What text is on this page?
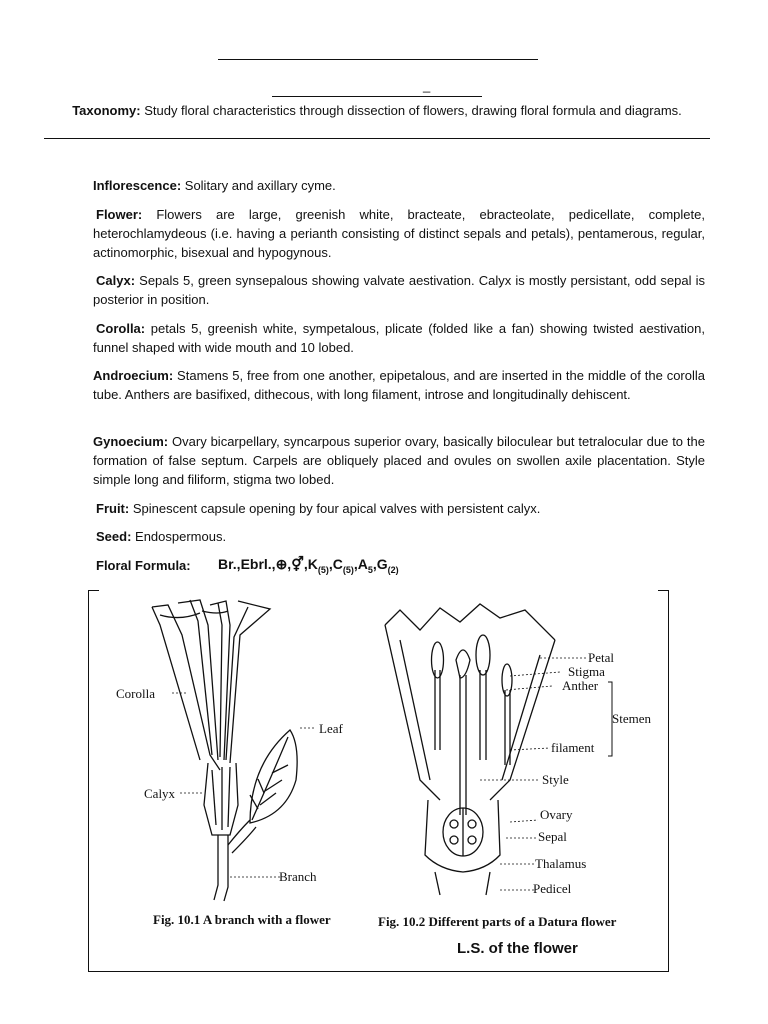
_
Taxonomy: Study floral characteristics through dissection of flowers, drawing floral formula and diagrams.
Inflorescence: Solitary and axillary cyme.
Flower: Flowers are large, greenish white, bracteate, ebracteolate, pedicellate, complete, heterochlamydeous (i.e. having a perianth consisting of distinct sepals and petals), pentamerous, regular, actinomorphic, bisexual and hypogynous.
Calyx: Sepals 5, green synsepalous showing valvate aestivation. Calyx is mostly persistant, odd sepal is posterior in position.
Corolla: petals 5, greenish white, sympetalous, plicate (folded like a fan) showing twisted aestivation, funnel shaped with wide mouth and 10 lobed.
Androecium: Stamens 5, free from one another, epipetalous, and are inserted in the middle of the corolla tube. Anthers are basifixed, dithecous, with long filament, introse and longitudinally dehiscent.
Gynoecium: Ovary bicarpellary, syncarpous superior ovary, basically biloculear but tetralocular due to the formation of false septum. Carpels are obliquely placed and ovules on swollen axile placentation. Style simple long and filiform, stigma two lobed.
Fruit: Spinescent capsule opening by four apical valves with persistent calyx.
Seed: Endospermous.
Floral Formula: $Br.,Ebrl.,\oplus,⚥,K_{(5)},C_{(5)},A_5,G_{(2)}$
Corolla
Leaf
Calyx
Branch
Fig. 10.1 A branch with a flower
Petal
Stigma
Anther
Stemen
filament
Style
Ovary
Sepal
Thalamus
Pedicel
Fig. 10.2 Different parts of a Datura flower
L.S. of the flower
